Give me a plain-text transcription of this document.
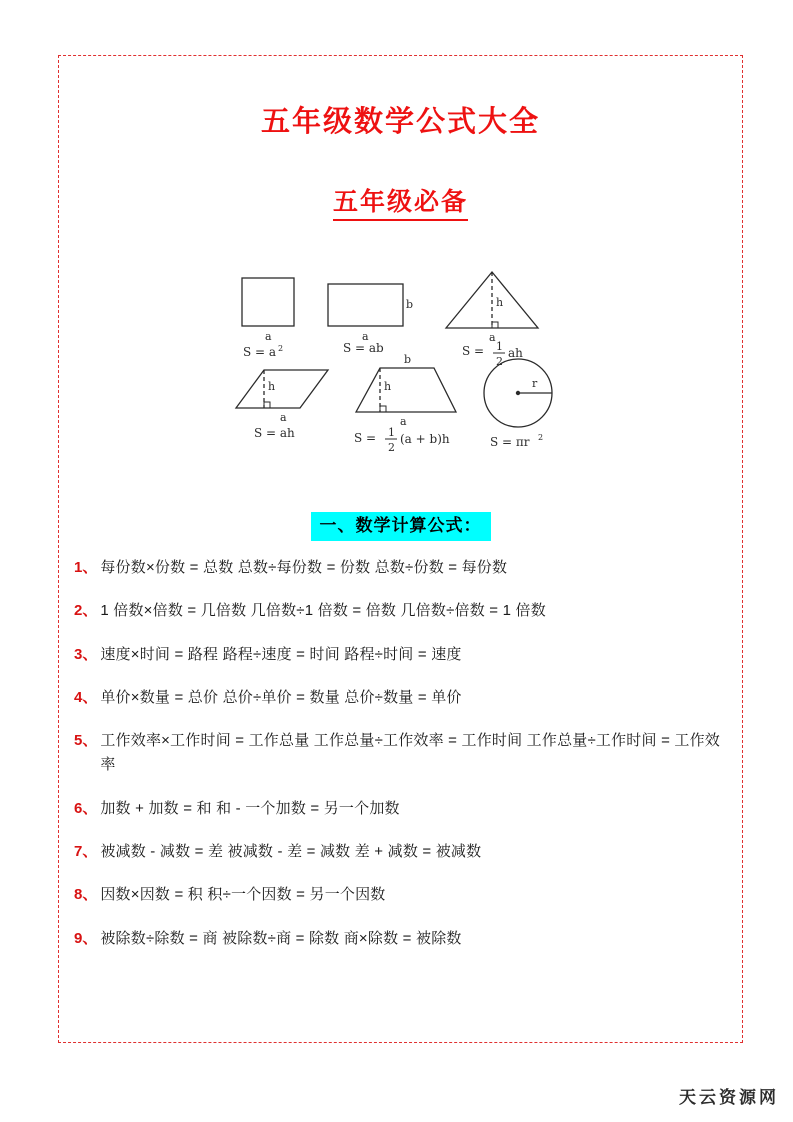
五年级数学公式大全
五年级必备
a
S = a 2
a
b
S = ab
h
a
S = 1
2
ah
h
a
S = ah
b
h
a
S = 1
2
(a + b)h
r
S = πr 2
一、数学计算公式：
1、 每份数×份数 = 总数 总数÷每份数 = 份数 总数÷份数 = 每份数
2、 1 倍数×倍数 = 几倍数 几倍数÷1 倍数 = 倍数 几倍数÷倍数 = 1 倍数
3、 速度×时间 = 路程 路程÷速度 = 时间 路程÷时间 = 速度
4、 单价×数量 = 总价 总价÷单价 = 数量 总价÷数量 = 单价
5、 工作效率×工作时间 = 工作总量 工作总量÷工作效率 = 工作时间 工作总量÷工作时间 = 工作效率
6、 加数 + 加数 = 和 和 - 一个加数 = 另一个加数
7、 被减数 - 减数 = 差 被减数 - 差 = 减数 差 + 减数 = 被减数
8、 因数×因数 = 积 积÷一个因数 = 另一个因数
9、 被除数÷除数 = 商 被除数÷商 = 除数 商×除数 = 被除数
天云资源网
